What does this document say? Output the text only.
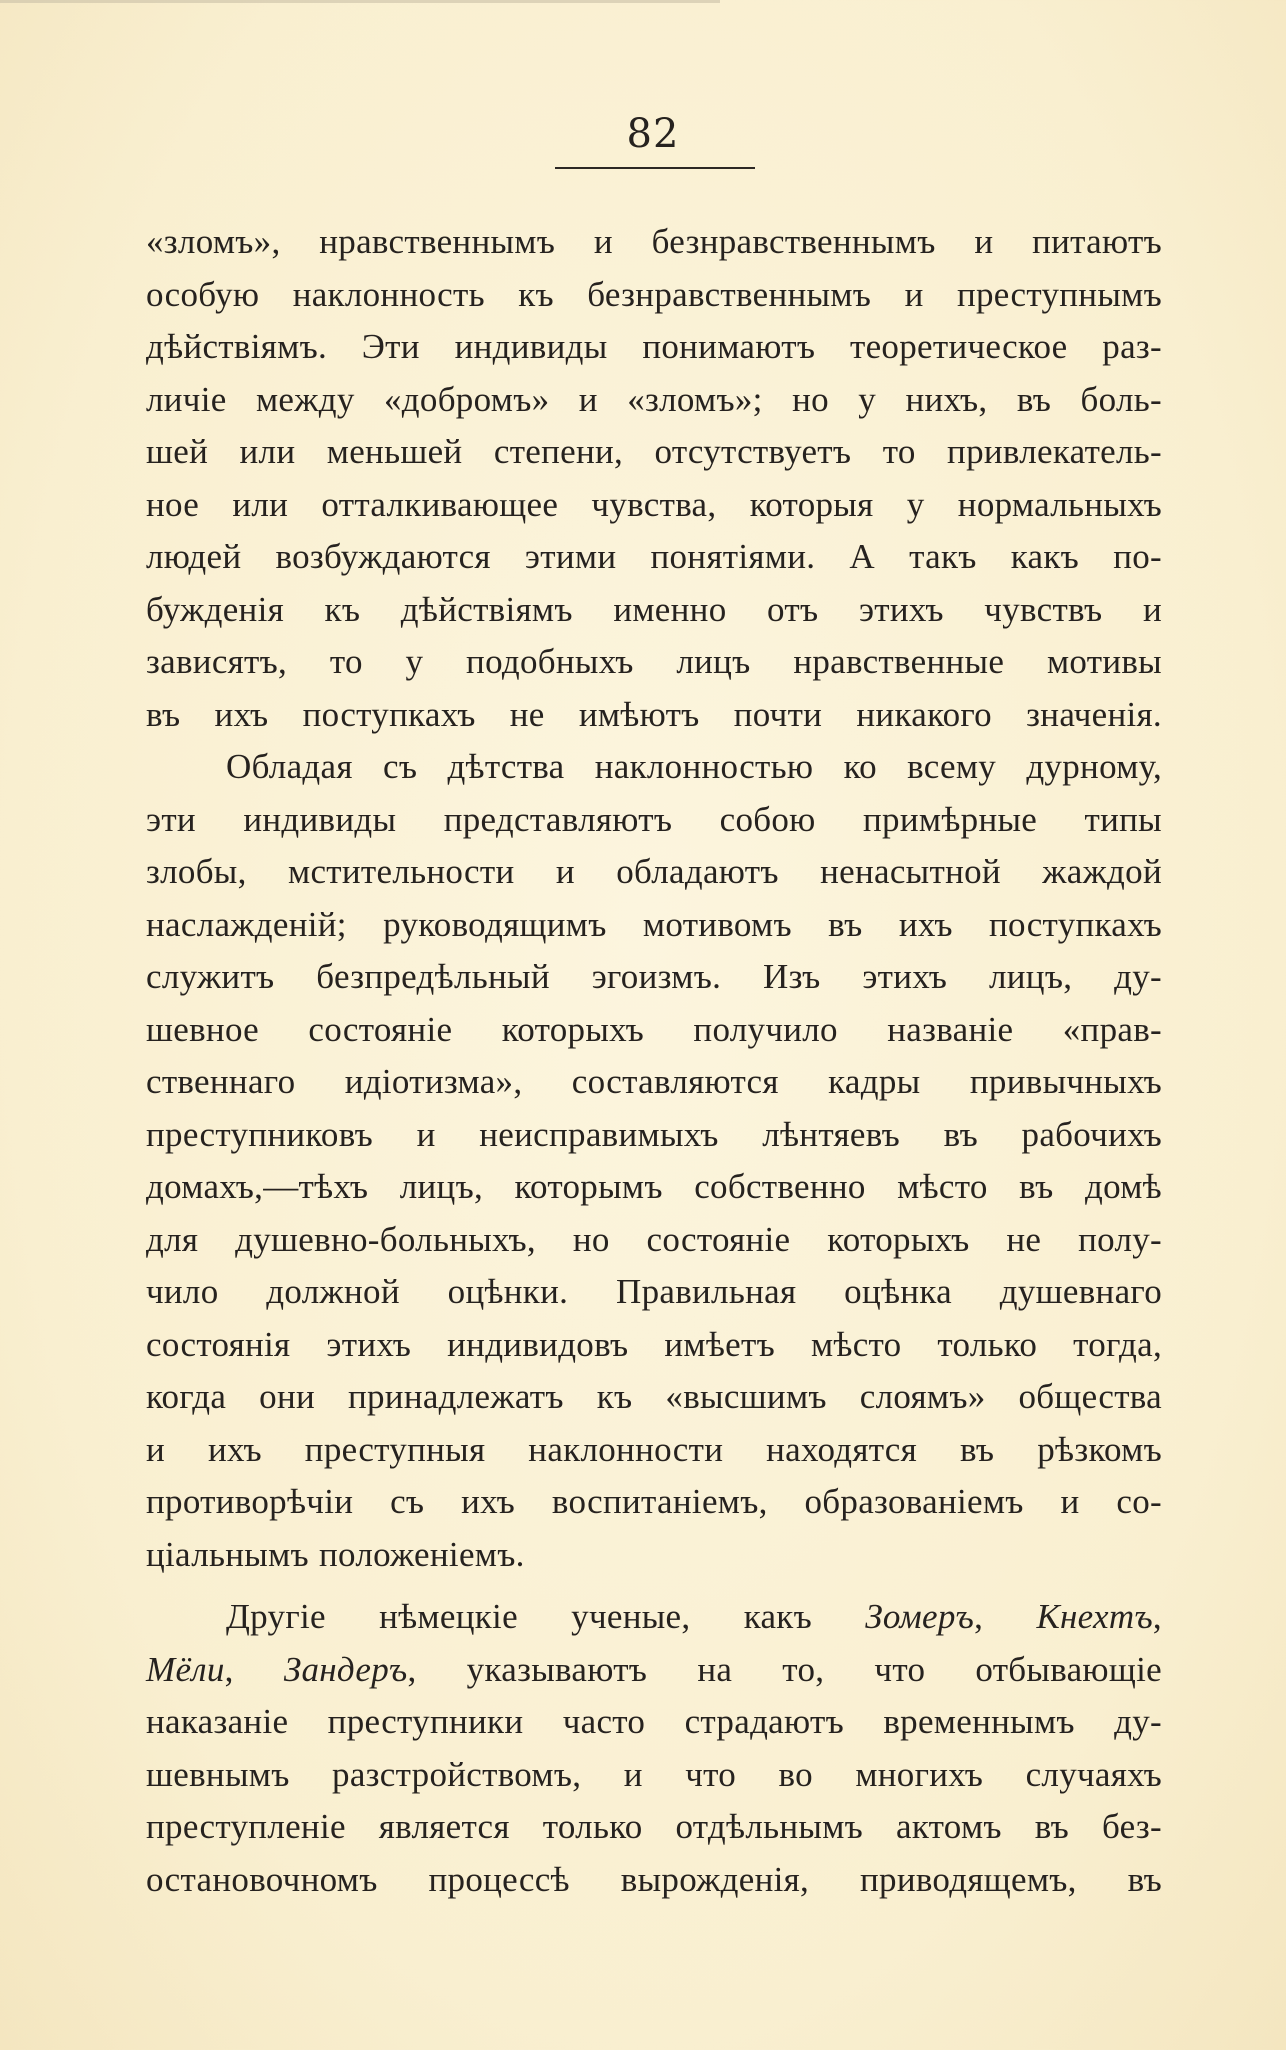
82

«зломъ», нравственнымъ и безнравственнымъ и питаютъ

особую наклонность къ безнравственнымъ и преступнымъ

дѣйствіямъ. Эти индивиды понимаютъ теоретическое раз-

личіе между «добромъ» и «зломъ»; но у нихъ, въ боль-

шей или меньшей степени, отсутствуетъ то привлекатель-

ное или отталкивающее чувства, которыя у нормальныхъ

людей возбуждаются этими понятіями. А такъ какъ по-

бужденія къ дѣйствіямъ именно отъ этихъ чувствъ и

зависятъ, то у подобныхъ лицъ нравственные мотивы

въ ихъ поступкахъ не имѣютъ почти никакого значенія.

Обладая съ дѣтства наклонностью ко всему дурному,

эти индивиды представляютъ собою примѣрные типы

злобы, мстительности и обладаютъ ненасытной жаждой

наслажденій; руководящимъ мотивомъ въ ихъ поступкахъ

служитъ безпредѣльный эгоизмъ. Изъ этихъ лицъ, ду-

шевное состояніе которыхъ получило названіе «прав-

ственнаго идіотизма», составляются кадры привычныхъ

преступниковъ и неисправимыхъ лѣнтяевъ въ рабочихъ

домахъ,—тѣхъ лицъ, которымъ собственно мѣсто въ домѣ

для душевно-больныхъ, но состояніе которыхъ не полу-

чило должной оцѣнки. Правильная оцѣнка душевнаго

состоянія этихъ индивидовъ имѣетъ мѣсто только тогда,

когда они принадлежатъ къ «высшимъ слоямъ» общества

и ихъ преступныя наклонности находятся въ рѣзкомъ

противорѣчіи съ ихъ воспитаніемъ, образованіемъ и со-

ціальнымъ положеніемъ.

Другіе нѣмецкіе ученые, какъ Зомеръ, Кнехтъ,

Мёли, Зандеръ, указываютъ на то, что отбывающіе

наказаніе преступники часто страдаютъ временнымъ ду-

шевнымъ разстройствомъ, и что во многихъ случаяхъ

преступленіе является только отдѣльнымъ актомъ въ без-

остановочномъ процессѣ вырожденія, приводящемъ, въ
